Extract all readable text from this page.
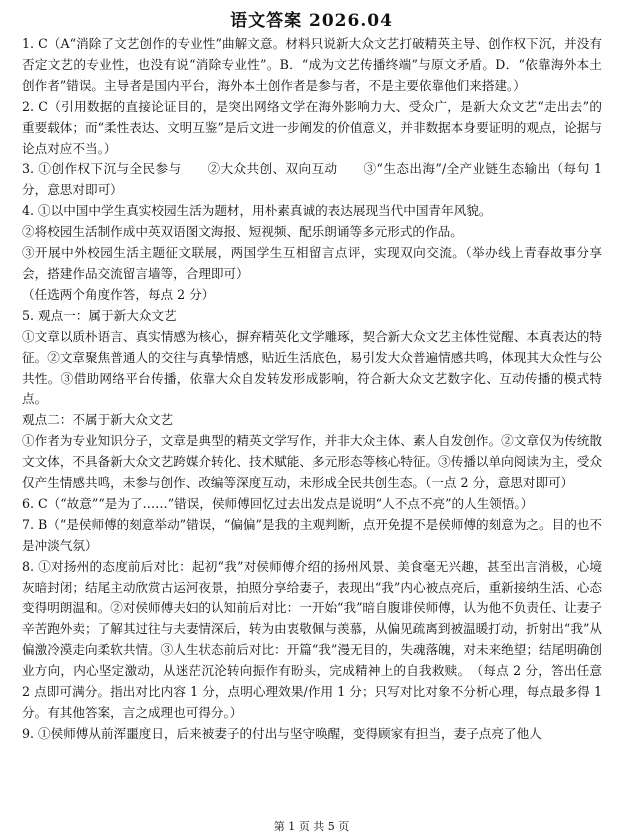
语文答案 2026.04

1. C（A“消除了文艺创作的专业性”曲解文意。材料只说新大众文艺打破精英主导、创作权下沉，并没有否定文艺的专业性，也没有说“消除专业性”。B．“成为文艺传播终端”与原文矛盾。D．“依靠海外本土创作者”错误。主导者是国内平台，海外本土创作者是参与者，不是主要依靠他们来搭建。）

2. C（引用数据的直接论证目的，是突出网络文学在海外影响力大、受众广，是新大众文艺“走出去”的重要载体；而“柔性表达、文明互鉴”是后文进一步阐发的价值意义，并非数据本身要证明的观点，论据与论点对应不当。）

3. ①创作权下沉与全民参与　　②大众共创、双向互动　　③“生态出海”/全产业链生态输出（每句 1 分，意思对即可）

4. ①以中国中学生真实校园生活为题材，用朴素真诚的表达展现当代中国青年风貌。

②将校园生活制作成中英双语图文海报、短视频、配乐朗诵等多元形式的作品。

③开展中外校园生活主题征文联展，两国学生互相留言点评，实现双向交流。（举办线上青春故事分享会，搭建作品交流留言墙等，合理即可）

（任选两个角度作答，每点 2 分）

5. 观点一：属于新大众文艺

①文章以质朴语言、真实情感为核心，摒弃精英化文学雕琢，契合新大众文艺主体性觉醒、本真表达的特征。②文章聚焦普通人的交往与真挚情感，贴近生活底色，易引发大众普遍情感共鸣，体现其大众性与公共性。③借助网络平台传播，依靠大众自发转发形成影响，符合新大众文艺数字化、互动传播的模式特点。

观点二：不属于新大众文艺

①作者为专业知识分子，文章是典型的精英文学写作，并非大众主体、素人自发创作。②文章仅为传统散文文体，不具备新大众文艺跨媒介转化、技术赋能、多元形态等核心特征。③传播以单向阅读为主，受众仅产生情感共鸣，未参与创作、改编等深度互动，未形成全民共创生态。（一点 2 分，意思对即可）

6. C（“故意”“是为了……”错误，侯师傅回忆过去出发点是说明“人不点不亮”的人生领悟。）

7. B（“是侯师傅的刻意举动”错误，“偏偏”是我的主观判断，点开免提不是侯师傅的刻意为之。目的也不是冲淡气氛）

8. ①对扬州的态度前后对比：起初“我”对侯师傅介绍的扬州风景、美食毫无兴趣，甚至出言消极，心境灰暗封闭；结尾主动欣赏古运河夜景，拍照分享给妻子，表现出“我”内心被点亮后，重新接纳生活、心态变得明朗温和。②对侯师傅夫妇的认知前后对比：一开始“我”暗自腹诽侯师傅，认为他不负责任、让妻子辛苦跑外卖；了解其过往与夫妻情深后，转为由衷敬佩与羡慕，从偏见疏离到被温暖打动，折射出“我”从偏激冷漠走向柔软共情。③人生状态前后对比：开篇“我”漫无目的，失魂落魄，对未来绝望；结尾明确创业方向，内心坚定激动，从迷茫沉沦转向振作有盼头，完成精神上的自我救赎。　（每点 2 分，答出任意 2 点即可满分。指出对比内容 1 分，点明心理效果/作用 1 分；只写对比对象不分析心理，每点最多得 1 分。有其他答案，言之成理也可得分。）

9. ①侯师傅从前浑噩度日，后来被妻子的付出与坚守唤醒，变得顾家有担当，妻子点亮了他人

第 1 页 共 5 页
